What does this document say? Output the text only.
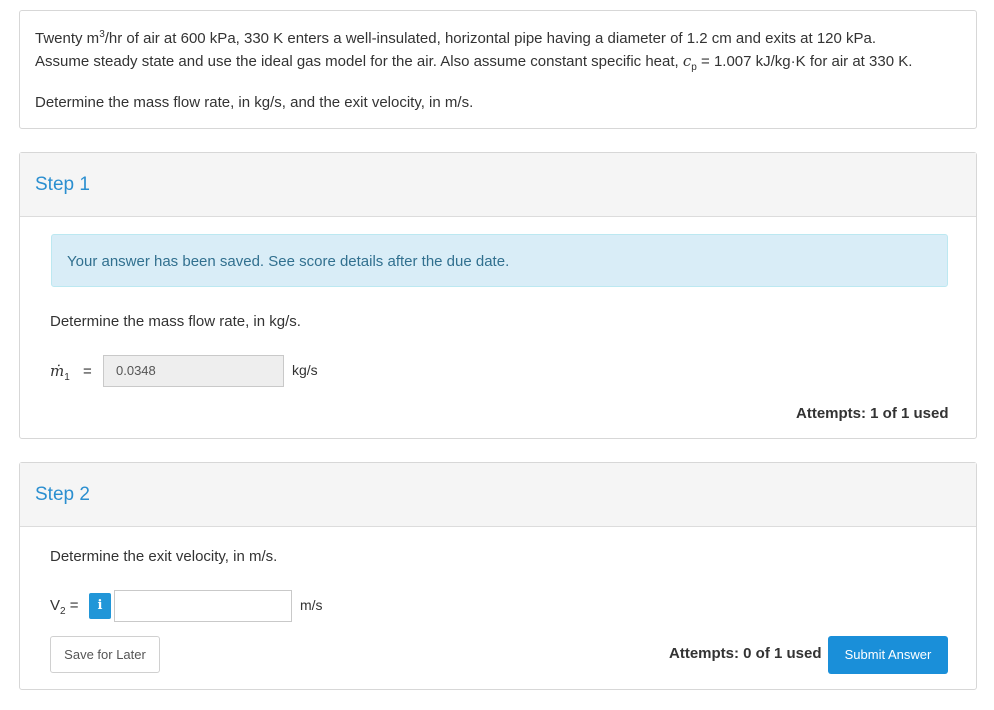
Twenty $m^3/hr$ of air at 600 kPa, 330 K enters a well-insulated, horizontal pipe having a diameter of 1.2 cm and exits at 120 kPa.
Assume steady state and use the ideal gas model for the air. Also assume constant specific heat, $c_p = 1.007$ kJ/kg·K for air at 330 K.
Determine the mass flow rate, in kg/s, and the exit velocity, in m/s.
Step 1
Your answer has been saved. See score details after the due date.
Determine the mass flow rate, in kg/s.
ṁ$_1$ =	0.0348	kg/s
Attempts: 1 of 1 used
Step 2
Determine the exit velocity, in m/s.
$V_2$ =	i	m/s
Save for Later	Attempts: 0 of 1 used	Submit Answer
